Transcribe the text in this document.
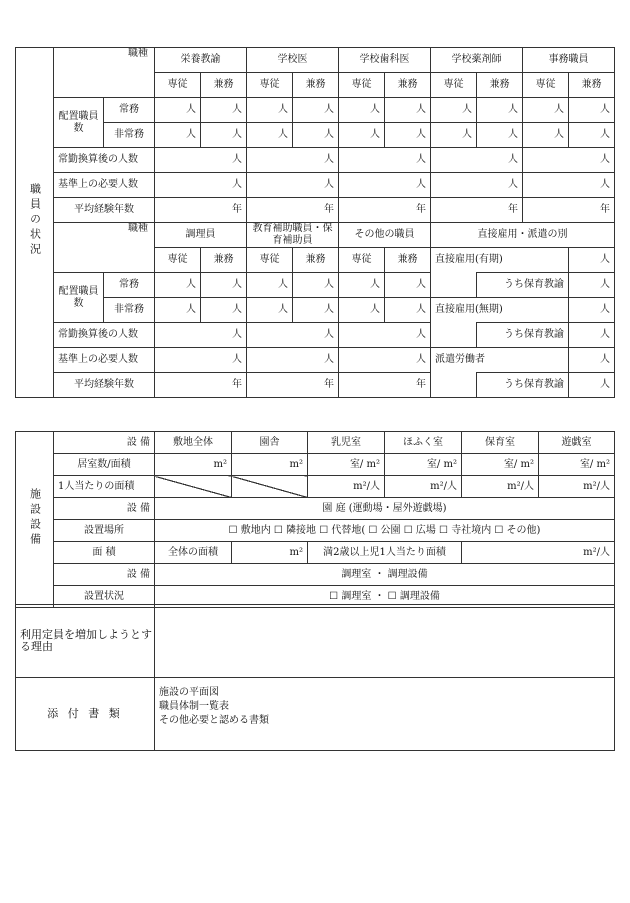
職員の状況	職種		栄養教諭		学校医		学校歯科医		学校薬剤師		事務職員	
			専従	兼務	専従	兼務	専従	兼務	専従	兼務	専従	兼務
	配置職員数	常務	人	人	人	人	人	人	人	人	人	人
		非常務	人	人	人	人	人	人	人	人	人	人
	常勤換算後の人数		人		人		人		人		人	
	基準上の必要人数		人		人		人		人		人	
	平均経験年数		年		年		年		年		年	
	職種		調理員		教育補助職員・保育補助員		その他の職員		直接雇用・派遣の別			
			専従	兼務	専従	兼務	専従	兼務	直接雇用(有期)			人
	配置職員数	常務	人	人	人	人	人	人		うち保育教諭		人
		非常務	人	人	人	人	人	人	直接雇用(無期)			人
	常勤換算後の人数		人		人		人			うち保育教諭		人
	基準上の必要人数		人		人		人		派遣労働者			人
	平均経験年数		年		年		年			うち保育教諭		人
施設設備	設 備	敷地全体	園舎	乳児室	ほふく室	保育室	遊戯室
	居室数/面積	m²	m²	室/ m²	室/ m²	室/ m²	室/ m²
	1人当たりの面積			m²/人	m²/人	m²/人	m²/人
	設 備	園 庭 (運動場・屋外遊戯場)					
	設置場所	☐ 敷地内 ☐ 隣接地 ☐ 代替地( ☐ 公園 ☐ 広場 ☐ 寺社境内 ☐ その他)					
	面 積	全体の面積	m²	満2歳以上児1人当たり面積		m²/人	
	設 備	調理室 ・ 調理設備					
	設置状況	☐ 調理室 ・ ☐ 調理設備					
利用定員を増加しようとする理由	
添 付 書 類	施設の平面図
職員体制一覧表
その他必要と認める書類
